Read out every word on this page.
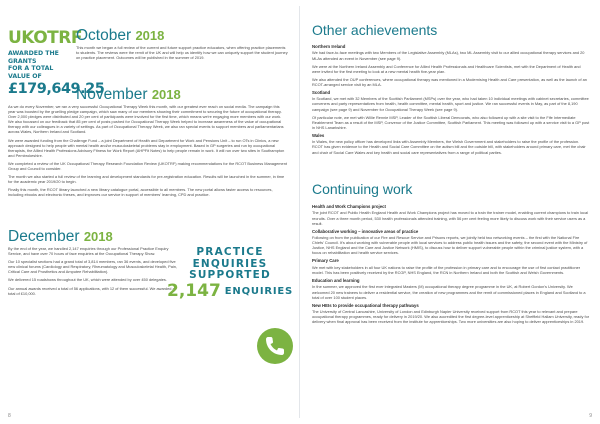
UKOTRF
AWARDED THE GRANTS
FOR A TOTAL VALUE OF
£179,649.25
October 2018

This month we began a full review of the current and future support practice educators, when offering practice placements to students. The reviews were the remit of the UK and will help us identify how we can uniquely support the student journey on practice placement. Outcomes will be published in the summer of 2019.

November 2018

As we do every November, we ran a very successful Occupational Therapy Week this month, with our greatest ever reach on social media. The campaign this year was boosted by the gruelling pledge campaign, which saw many of our members showing their commitment to securing the future of occupational therapy. Over 2,000 pledges were distributed and 20 per cent of participants were involved for the first time, which means we're engaging more members with our work. We also focussed on our feedback that 85 per cent of posts pushed for Occupational Therapy Week helped to increase awareness of the value of occupational therapy with our colleagues in a variety of settings. As part of Occupational Therapy Week, we also ran special events to support members and parliamentarians across Wales, Northern Ireland and Scotland.

We were awarded funding from the Challenge Fund – a joint Department of Health and Department for Work and Pensions Unit – to run OTs in Clinics, a new approach designed to help people with mental health and/or musculoskeletal problems stay in employment. Based in GP surgeries and run by occupational therapists, the Allied Health Professions Advisory Fitness for Work Report (AHPFit Notes) to help people remain in work. It will run over two sites in Southampton and Pembrokeshire.

We completed a review of the UK Occupational Therapy Research Foundation Review (UKOTRF) making recommendations for the RCOT Business Management Group and Council to consider.

The month we also started a full review of the learning and development standards for pre-registration education. Results will be launched in the summer, in time for the academic year 2019/20 to begin.

Finally this month, the RCOT library launched a new library catalogue portal, accessible to all members. The new portal allows faster access to resources, including ebooks and electronic theses, and improves our service in support of members' learning, CPD and practice.

December 2018

By the end of the year, we handled 2,147 enquiries through our Professional Practice Enquiry Service, and have over 70 hours of face enquiries at the Occupational Therapy Show.

Our 10 specialist sections had a grand total of 3,814 members, ran 36 events, and developed five new clinical forums (Cardiology and Respiratory, Rheumatology and Musculoskeletal Health, Pain, Critical Care and Prosthetics and Amputee Rehabilitation).

We delivered 15 roadshows throughout the UK, which were attended by over 450 delegates.

Our annual awards received a total of 56 applications, with 12 of them successful. We awarded a total of £10,000.

PRACTICE
ENQUIRIES
SUPPORTED
2,147 ENQUIRIES
8
Other achievements
Northern Ireland

We had face-to-face meetings with two Members of the Legislative Assembly (MLAs), two ML Assembly visit to our allied occupational therapy services and 20 MLAs attended an event in November (see page 9).

We were at the Northern Ireland Assembly and Conference for Allied Health Professionals and Healthcare Scientists, met with the Department of Health and were invited for the first meeting to look at a new mental health five-year plan.

We also attended the OUP conferences, where occupational therapy was mentioned in a Modernising Health and Care presentation, as well as the launch of an RCOT-arranged service visit by an MLA.

Scotland

In Scotland, we met with 32 Members of the Scottish Parliament (MSPs) over the year, who had taken 10 individual meetings with cabinet secretaries, committee conveners and party representatives from health, health committee, mental health, sport and justice. We ran successful events in May, as part of the 8,190 campaign (see page 9) and November for Occupational Therapy Week (see page 9).

Of particular note, we met with Willie Rennie MSP, Leader of the Scottish Liberal Democrats, who also followed up with a site visit to the Fife Intermediate Reablement Team as a result of the MSP, Convenor of the Justice Committee, Scottish Parliament. This meeting was followed up with a service visit to a GP post in NHS Lanarkshire.

Wales

In Wales, the new policy officer has developed links with Assembly Members, the Welsh Government and stakeholders to raise the profile of the profession. RCOT has given evidence to the Health and Social Care Committee on the autism bill and the outside bill, with stakeholders around primary care, met the chair and chair of Social Care Wales and key health and social care representatives from a range of political parties.

Continuing work
Health and Work Champions project

The joint RCOT and Public Health England Health and Work Champions project has moved to a train the trainer model, enabling current champions to train local recruits. Over a three month period, 530 health professionals attended training, with 56 per cent feeling more likely to discuss work with their service users as a result.

Collaborative working – innovative areas of practice

Following on from the publication of our Fire and Rescue Service and Prisons reports, we jointly held two networking events – the first with the National Fire Chiefs' Council. It's about working with vulnerable people with local services to address public health issues and the safety; the second event with the Ministry of Justice, NHS England and the Care and Justice Network (HMIS), to discuss how to deliver support vulnerable people within the criminal justice system, with a focus on rehabilitation and health service services.

Primary Care

We met with key stakeholders in all four UK nations to raise the profile of the profession in primary care and to encourage the use of first contact practitioner model. This has been positively received by the RCGP, NHS England, the RCN in Northern Ireland and both the Scottish and Welsh Governments.

Education and learning

In the summer, we approved the first ever integrated Masters (M) occupational therapy degree programme in the UK, at Robert Gordon's University. We welcomed 20 new trainees to deliver a residential service, the creation of new programmes and the remit of commissioned places in England and Scotland to a total of over 100 student places.

New HEIs to provide occupational therapy pathways

The University of Central Lancashire, University of London and Edinburgh Napier University received support from RCOT this year to relevant and prepare occupational therapy programmes, ready for delivery in 2019/20. We also accredited the first degree-level apprenticeship at Sheffield Hallam University, ready for delivery when final approval has been received from the institute for apprenticeships. Two more universities are also hoping to deliver apprenticeships in 2019.

9
